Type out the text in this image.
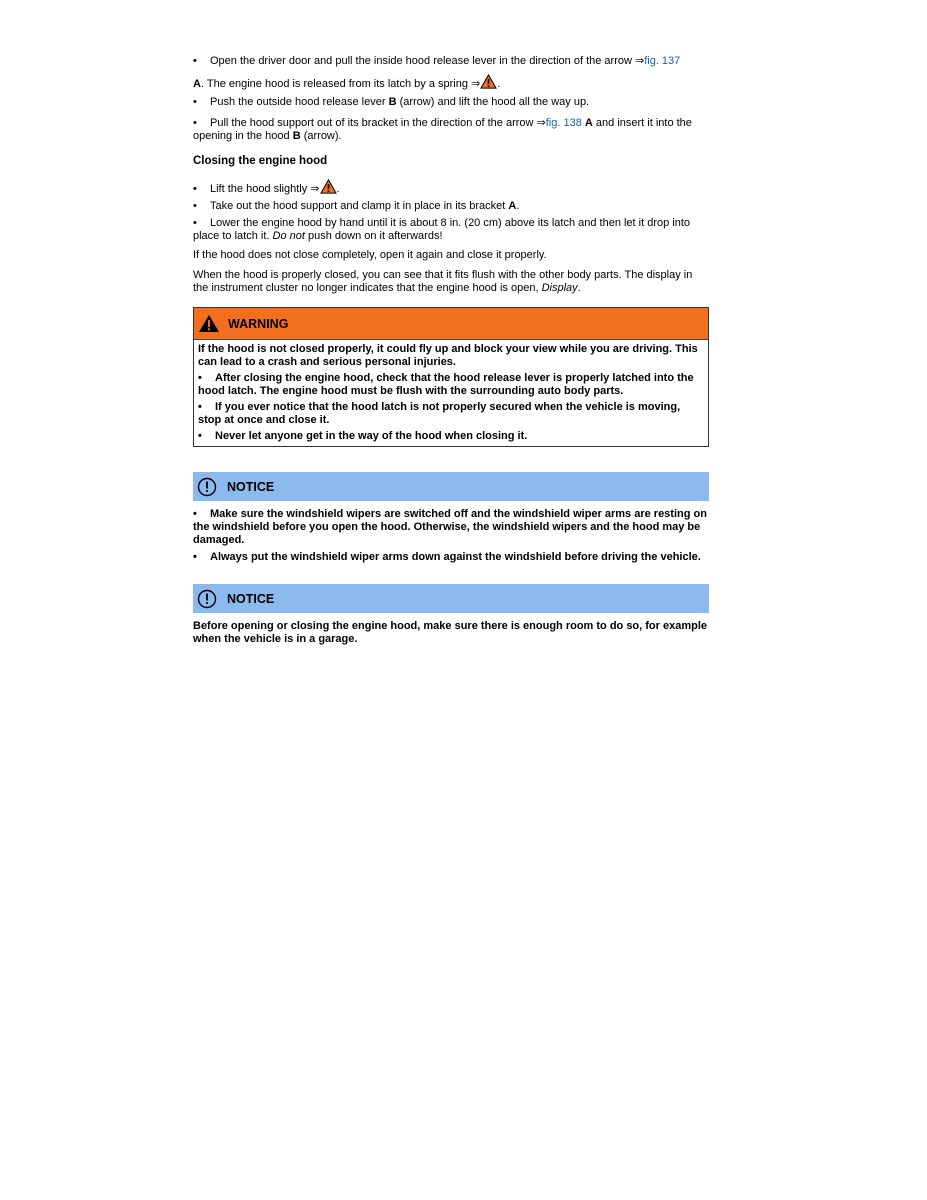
• Open the driver door and pull the inside hood release lever in the direction of the arrow ⇒fig. 137

A. The engine hood is released from its latch by a spring ⇒ .

• Push the outside hood release lever B (arrow) and lift the hood all the way up.

• Pull the hood support out of its bracket in the direction of the arrow ⇒fig. 138 A and insert it into the opening in the hood B (arrow).

Closing the engine hood

• Lift the hood slightly ⇒ .

• Take out the hood support and clamp it in place in its bracket A.

• Lower the engine hood by hand until it is about 8 in. (20 cm) above its latch and then let it drop into place to latch it. Do not push down on it afterwards!

If the hood does not close completely, open it again and close it properly.

When the hood is properly closed, you can see that it fits flush with the other body parts. The display in the instrument cluster no longer indicates that the engine hood is open, Display.

WARNING

If the hood is not closed properly, it could fly up and block your view while you are driving. This can lead to a crash and serious personal injuries.

• After closing the engine hood, check that the hood release lever is properly latched into the hood latch. The engine hood must be flush with the surrounding auto body parts.

• If you ever notice that the hood latch is not properly secured when the vehicle is moving, stop at once and close it.

• Never let anyone get in the way of the hood when closing it.

NOTICE

• Make sure the windshield wipers are switched off and the windshield wiper arms are resting on the windshield before you open the hood. Otherwise, the windshield wipers and the hood may be damaged.

• Always put the windshield wiper arms down against the windshield before driving the vehicle.

NOTICE

Before opening or closing the engine hood, make sure there is enough room to do so, for example when the vehicle is in a garage.
